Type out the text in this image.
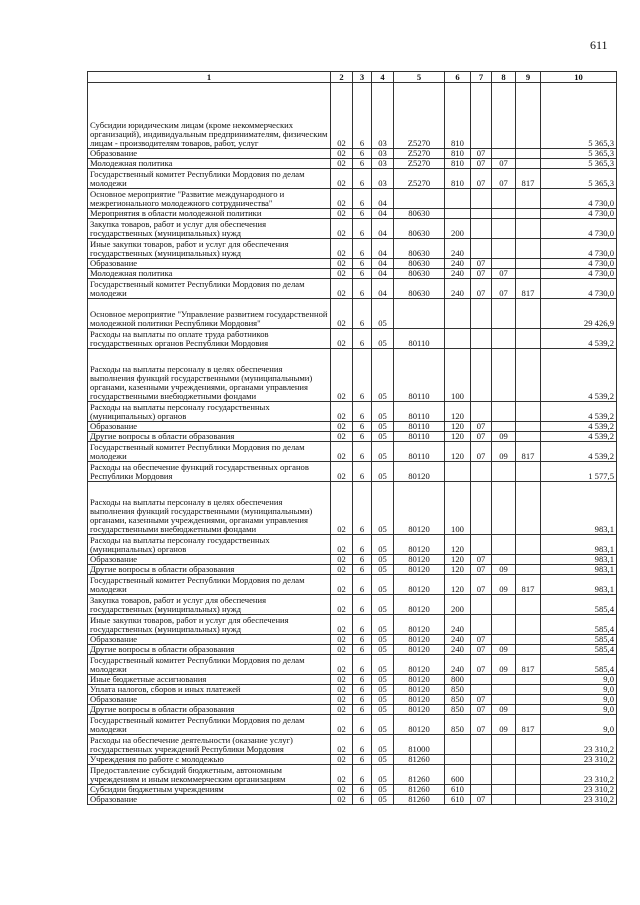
611
1	2	3	4	5	6	7	8	9	10
Субсидии юридическим лицам (кроме некоммерческих организаций), индивидуальным предпринимателям, физическим лицам - производителям товаров, работ, услуг	02	6	03	Z5270	810				5 365,3
Образование	02	6	03	Z5270	810	07			5 365,3
Молодежная политика	02	6	03	Z5270	810	07	07		5 365,3
Государственный комитет Республики Мордовия по делам молодежи	02	6	03	Z5270	810	07	07	817	5 365,3
Основное мероприятие "Развитие международного и межрегионального молодежного сотрудничества"	02	6	04						4 730,0
Мероприятия в области молодежной политики	02	6	04	80630					4 730,0
Закупка товаров, работ и услуг для обеспечения государственных (муниципальных) нужд	02	6	04	80630	200				4 730,0
Иные закупки товаров, работ и услуг для обеспечения государственных (муниципальных) нужд	02	6	04	80630	240				4 730,0
Образование	02	6	04	80630	240	07			4 730,0
Молодежная политика	02	6	04	80630	240	07	07		4 730,0
Государственный комитет Республики Мордовия по делам молодежи	02	6	04	80630	240	07	07	817	4 730,0
Основное мероприятие "Управление развитием государственной молодежной политики Республики Мордовия"	02	6	05						29 426,9
Расходы на выплаты по оплате труда работников государственных органов Республики Мордовия	02	6	05	80110					4 539,2
Расходы на выплаты персоналу в целях обеспечения выполнения функций государственными (муниципальными) органами, казенными учреждениями, органами управления государственными внебюджетными фондами	02	6	05	80110	100				4 539,2
Расходы на выплаты персоналу государственных (муниципальных) органов	02	6	05	80110	120				4 539,2
Образование	02	6	05	80110	120	07			4 539,2
Другие вопросы в области образования	02	6	05	80110	120	07	09		4 539,2
Государственный комитет Республики Мордовия по делам молодежи	02	6	05	80110	120	07	09	817	4 539,2
Расходы на обеспечение функций государственных органов Республики Мордовия	02	6	05	80120					1 577,5
Расходы на выплаты персоналу в целях обеспечения выполнения функций государственными (муниципальными) органами, казенными учреждениями, органами управления государственными внебюджетными фондами	02	6	05	80120	100				983,1
Расходы на выплаты персоналу государственных (муниципальных) органов	02	6	05	80120	120				983,1
Образование	02	6	05	80120	120	07			983,1
Другие вопросы в области образования	02	6	05	80120	120	07	09		983,1
Государственный комитет Республики Мордовия по делам молодежи	02	6	05	80120	120	07	09	817	983,1
Закупка товаров, работ и услуг для обеспечения государственных (муниципальных) нужд	02	6	05	80120	200				585,4
Иные закупки товаров, работ и услуг для обеспечения государственных (муниципальных) нужд	02	6	05	80120	240				585,4
Образование	02	6	05	80120	240	07			585,4
Другие вопросы в области образования	02	6	05	80120	240	07	09		585,4
Государственный комитет Республики Мордовия по делам молодежи	02	6	05	80120	240	07	09	817	585,4
Иные бюджетные ассигнования	02	6	05	80120	800				9,0
Уплата налогов, сборов и иных платежей	02	6	05	80120	850				9,0
Образование	02	6	05	80120	850	07			9,0
Другие вопросы в области образования	02	6	05	80120	850	07	09		9,0
Государственный комитет Республики Мордовия по делам молодежи	02	6	05	80120	850	07	09	817	9,0
Расходы на обеспечение деятельности (оказание услуг) государственных учреждений Республики Мордовия	02	6	05	81000					23 310,2
Учреждения по работе с молодежью	02	6	05	81260					23 310,2
Предоставление субсидий бюджетным, автономным учреждениям и иным некоммерческим организациям	02	6	05	81260	600				23 310,2
Субсидии бюджетным учреждениям	02	6	05	81260	610				23 310,2
Образование	02	6	05	81260	610	07			23 310,2
